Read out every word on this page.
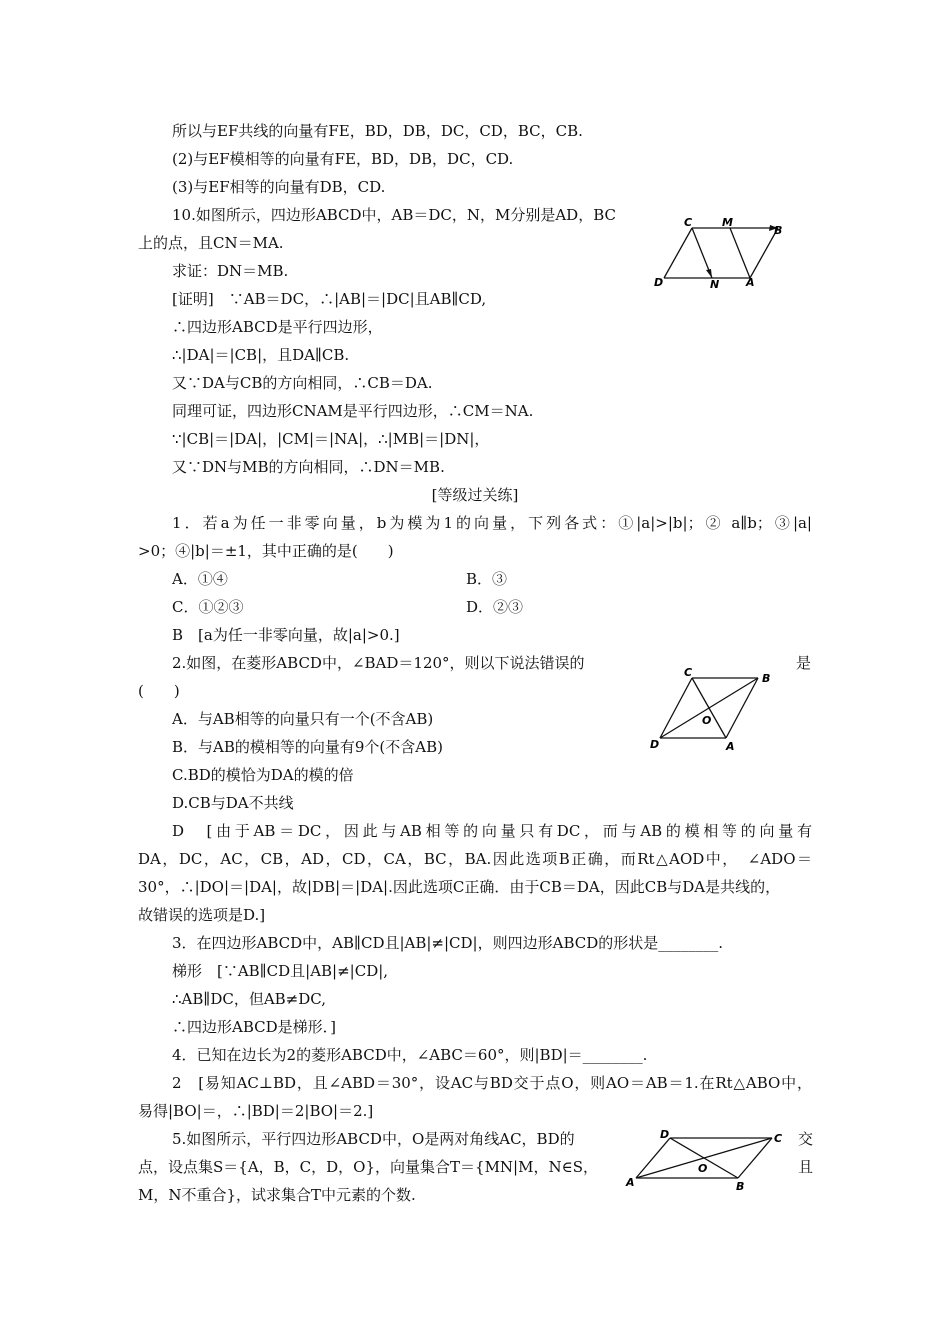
所以与EF共线的向量有FE，BD，DB，DC，CD，BC，CB.
(2)与EF模相等的向量有FE，BD，DB，DC，CD.
(3)与EF相等的向量有DB，CD.
10.如图所示，四边形ABCD中，AB＝DC，N，M分别是AD，BC
上的点，且CN＝MA.
求证：DN＝MB.
[证明]　∵AB＝DC，∴|AB|＝|DC|且AB∥CD,
∴四边形ABCD是平行四边形，
∴|DA|＝|CB|，且DA∥CB.
又∵DA与CB的方向相同，∴CB＝DA.
同理可证，四边形CNAM是平行四边形，∴CM＝NA.
∵|CB|＝|DA|，|CM|＝|NA|，∴|MB|＝|DN|，
又∵DN与MB的方向相同，∴DN＝MB.
C	M
B
D	N A
[等级过关练]
1．若a为任一非零向量，b为模为1的向量，下列各式：①|a|>|b|；② a∥b；③|a|
>0；④|b|＝±1，其中正确的是(　　)
A．①④	B．③
C．①②③	D．②③
B　[a为任一非零向量，故|a|>0.]
2.如图，在菱形ABCD中，∠BAD＝120°，则以下说法错误的	是
(　　)
A．与AB相等的向量只有一个(不含AB)
B．与AB的模相等的向量有9个(不含AB)
C.BD的模恰为DA的模的倍
D.CB与DA不共线
C	B
O
D	A
D　[由于AB＝DC，因此与AB相等的向量只有DC，而与AB的模相等的向量有
DA，DC，AC，CB，AD，CD，CA，BC，BA.因此选项B正确，而Rt△AOD中，　∠ADO＝
30°，∴|DO|＝|DA|，故|DB|＝|DA|.因此选项C正确．由于CB＝DA，因此CB与DA是共线的，
故错误的选项是D.]
3．在四边形ABCD中，AB∥CD且|AB|≠|CD|，则四边形ABCD的形状是________.
梯形　[∵AB∥CD且|AB|≠|CD|,
∴AB∥DC，但AB≠DC,
∴四边形ABCD是梯形．]
4．已知在边长为2的菱形ABCD中，∠ABC＝60°，则|BD|＝________.
2　[易知AC⊥BD，且∠ABD＝30°，设AC与BD交于点O，则AO＝AB＝1.在Rt△ABO中，
易得|BO|＝，∴|BD|＝2|BO|＝2.]
5.如图所示，平行四边形ABCD中，O是两对角线AC，BD的	交
点，设点集S＝{A，B，C，D，O}，向量集合T＝{MN|M，N∈S，	且
M，N不重合}，试求集合T中元素的个数.
D	C
O
A	B
